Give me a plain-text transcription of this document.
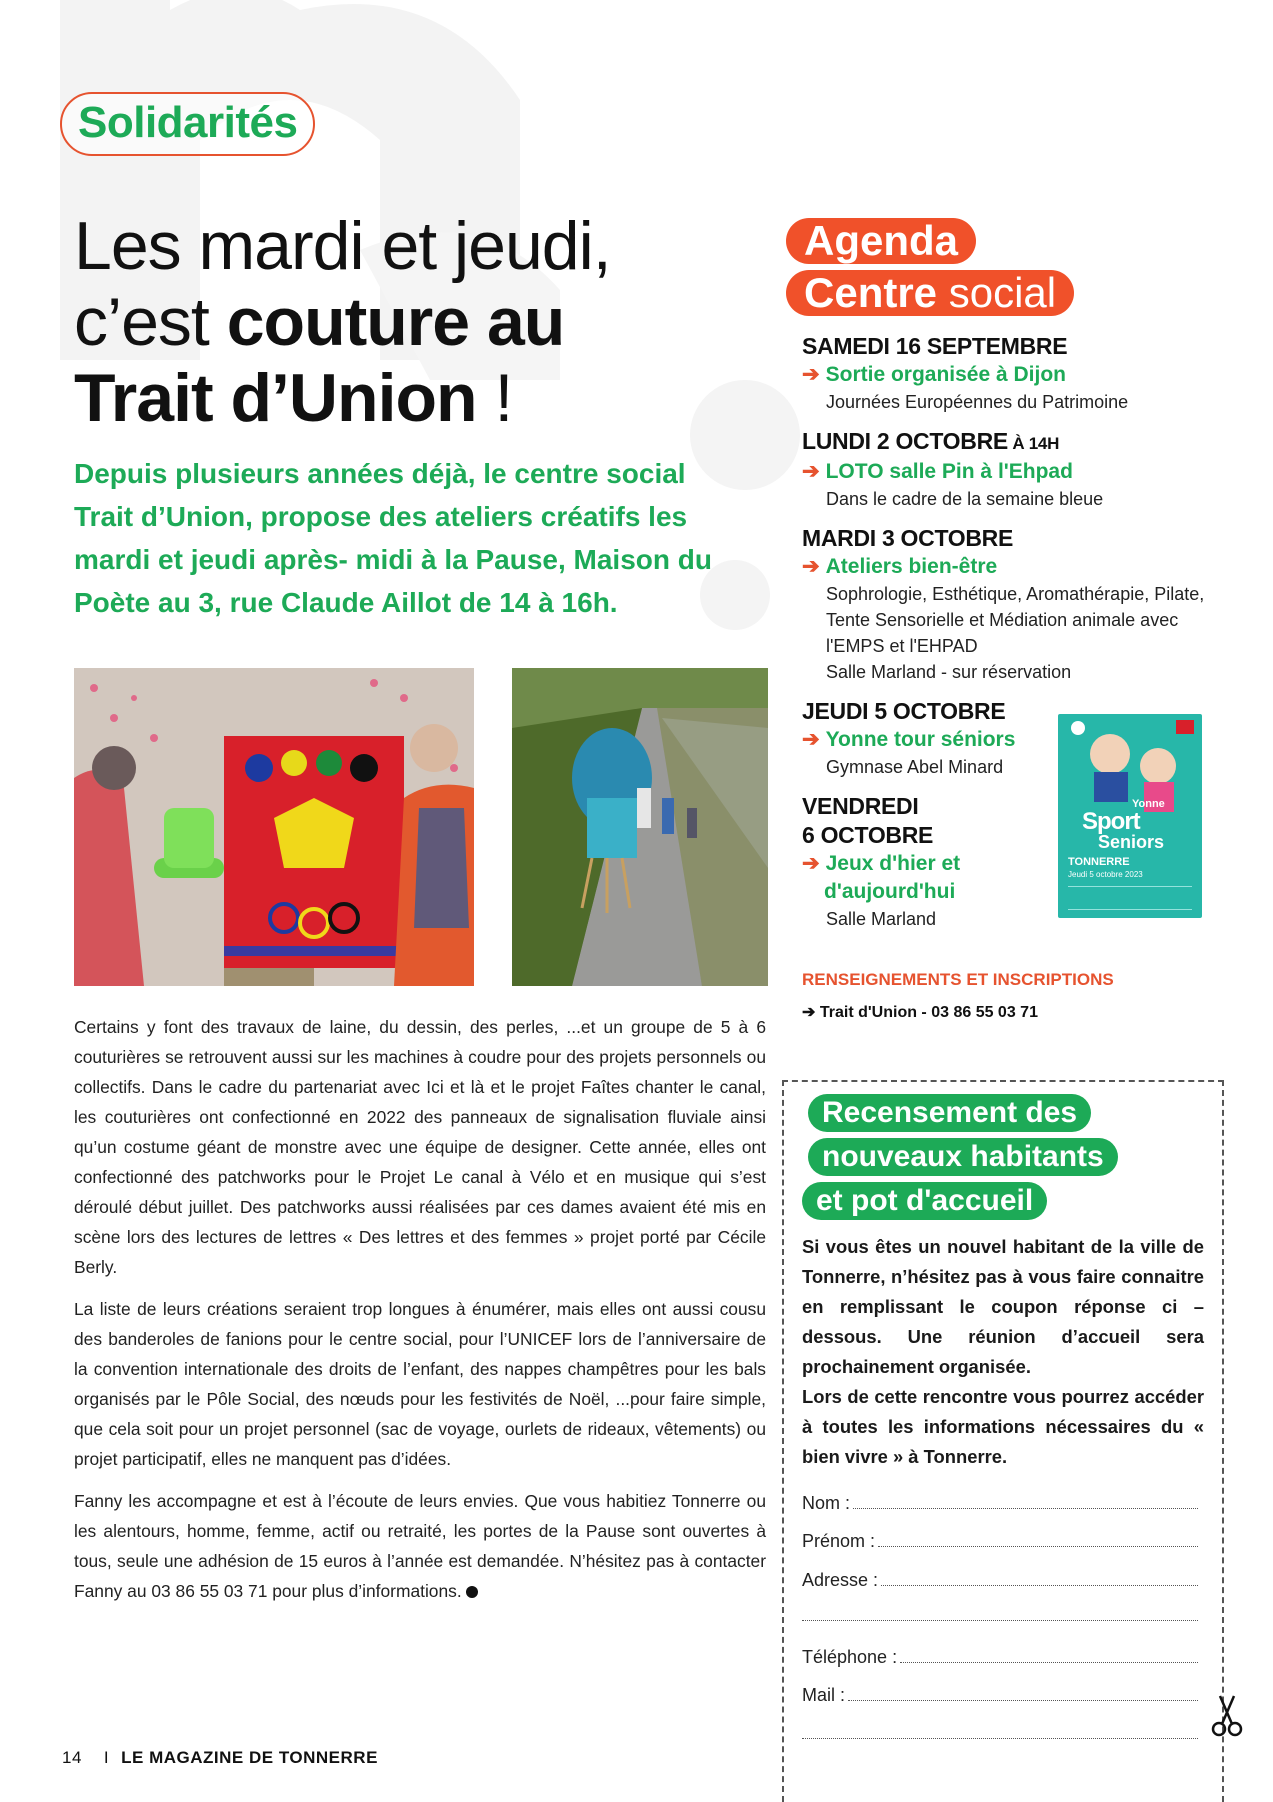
Solidarités
Les mardi et jeudi,
c’est couture au
Trait d’Union !
Depuis plusieurs années déjà, le centre social Trait d’Union, propose des ateliers créatifs les mardi et jeudi après- midi à la Pause, Maison du Poète au 3, rue Claude Aillot de 14 à 16h.

Certains y font des travaux de laine, du dessin, des perles, ...et un groupe de 5 à 6 couturières se retrouvent aussi sur les machines à coudre pour des projets personnels ou collectifs. Dans le cadre du partenariat avec Ici et là et le projet Faîtes chanter le canal, les couturières ont confectionné en 2022 des panneaux de signalisation fluviale ainsi qu’un costume géant de monstre avec une équipe de designer. Cette année, elles ont confectionné des patchworks pour le Projet Le canal à Vélo et en musique qui s’est déroulé début juillet. Des patchworks aussi réalisées par ces dames avaient été mis en scène lors des lectures de lettres « Des lettres et des femmes » projet porté par Cécile Berly.

La liste de leurs créations seraient trop longues à énumérer, mais elles ont aussi cousu des banderoles de fanions pour le centre social, pour l’UNICEF lors de l’anniversaire de la convention internationale des droits de l’enfant, des nappes champêtres pour les bals organisés par le Pôle Social, des nœuds pour les festivités de Noël, ...pour faire simple, que cela soit pour un projet personnel (sac de voyage, ourlets de rideaux, vêtements) ou projet participatif, elles ne manquent pas d’idées.

Fanny les accompagne et est à l’écoute de leurs envies. Que vous habitiez Tonnerre ou les alentours, homme, femme, actif ou retraité, les portes de la Pause sont ouvertes à tous, seule une adhésion de 15 euros à l’année est demandée. N’hésitez pas à contacter Fanny au 03 86 55 03 71 pour plus d’informations.

Agenda
Centre social
SAMEDI 16 SEPTEMBRE
➔ Sortie organisée à Dijon
Journées Européennes du Patrimoine
LUNDI 2 OCTOBRE À 14H
➔ LOTO salle Pin à l'Ehpad
Dans le cadre de la semaine bleue
MARDI 3 OCTOBRE
➔ Ateliers bien-être
Sophrologie, Esthétique, Aromathérapie, Pilate, Tente Sensorielle et Médiation animale avec l'EMPS et l'EHPAD
Salle Marland - sur réservation
JEUDI 5 OCTOBRE
➔ Yonne tour séniors
Gymnase Abel Minard
VENDREDI
6 OCTOBRE
➔ Jeux d'hier et
d'aujourd'hui
Salle Marland
Yonne
Sport
Seniors
TONNERRE
Jeudi 5 octobre 2023
RENSEIGNEMENTS ET INSCRIPTIONS
➔ Trait d'Union - 03 86 55 03 71
Recensement des
nouveaux habitants
et pot d'accueil

Si vous êtes un nouvel habitant de la ville de Tonnerre, n’hésitez pas à vous faire connaitre en remplissant le coupon réponse ci –dessous. Une réunion d’accueil sera prochainement organisée.

Lors de cette rencontre vous pourrez accéder à toutes les informations nécessaires du « bien vivre » à Tonnerre.

Nom :
Prénom :
Adresse :
Téléphone :
Mail :
14 I LE MAGAZINE DE TONNERRE
